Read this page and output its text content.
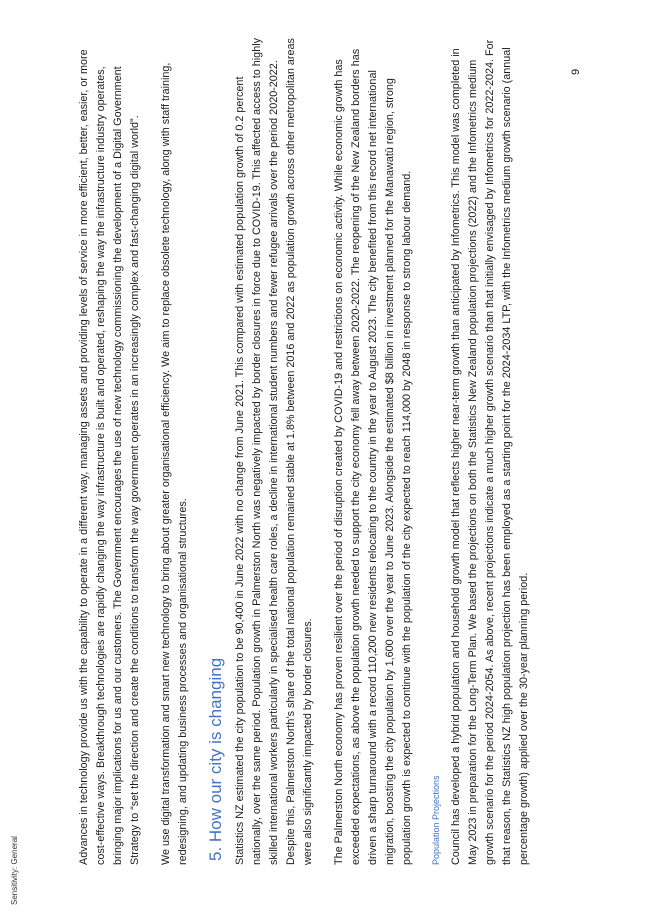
Sensitivity: General

Advances in technology provide us with the capability to operate in a different way, managing assets and providing levels of service in more efficient, better, easier, or more cost-effective ways. Breakthrough technologies are rapidly changing the way infrastructure is built and operated, reshaping the way the infrastructure industry operates, bringing major implications for us and our customers. The Government encourages the use of new technology commissioning the development of a Digital Government Strategy to “set the direction and create the conditions to transform the way government operates in an increasingly complex and fast-changing digital world”. We use digital transformation and smart new technology to bring about greater organisational efficiency. We aim to replace obsolete technology, along with staff training, redesigning, and updating business processes and organisational structures. 5. How our city is changing Statistics NZ estimated the city population to be 90,400 in June 2022 with no change from June 2021. This compared with estimated population growth of 0.2 percent nationally, over the same period. Population growth in Palmerston North was negatively impacted by border closures in force due to COVID-19. This affected access to highly skilled international workers particularly in specialised health care roles, a decline in international student numbers and fewer refugee arrivals over the period 2020-2022. Despite this, Palmerston North’s share of the total national population remained stable at 1.8% between 2016 and 2022 as population growth across other metropolitan areas were also significantly impacted by border closures. The Palmerston North economy has proven resilient over the period of disruption created by COVID-19 and restrictions on economic activity. While economic growth has exceeded expectations, as above the population growth needed to support the city economy fell away between 2020-2022. The reopening of the New Zealand borders has driven a sharp turnaround with a record 110,200 new residents relocating to the country in the year to August 2023. The city benefited from this record net international migration, boosting the city population by 1,600 over the year to June 2023. Alongside the estimated $8 billion in investment planned for the Manawatū region, strong population growth is expected to continue with the population of the city expected to reach 114,000 by 2048 in response to strong labour demand.	Population Projections Council has developed a hybrid population and household growth model that reflects higher near-term growth than anticipated by Infometrics. This model was completed in May 2023 in preparation for the Long-Term Plan. We based the projections on both the Statistics New Zealand population projections (2022) and the Infometrics medium growth scenario for the period 2024-2054. As above, recent projections indicate a much higher growth scenario than that initially envisaged by Infometrics for 2022-2024. For that reason, the Statistics NZ high population projection has been employed as a starting point for the 2024-2034 LTP, with the Infometrics medium growth scenario (annual percentage growth) applied over the 30-year planning period.

9
